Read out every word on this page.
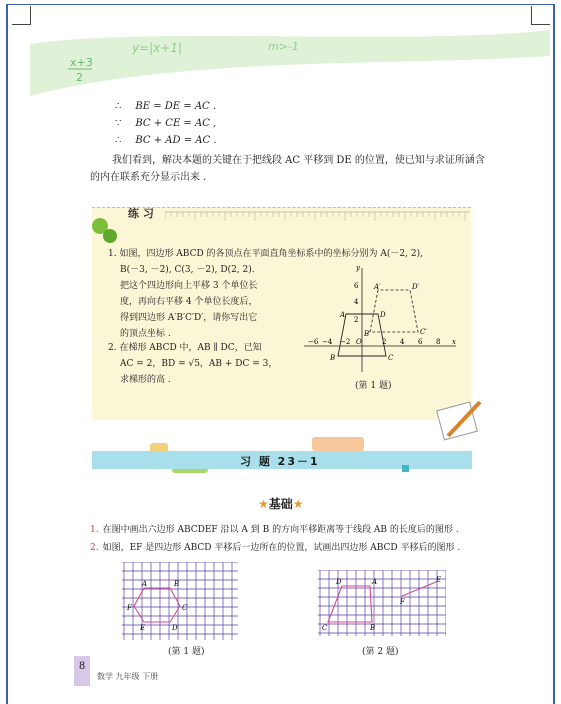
x+3
2
y=|x+1|	m>-1
∴ BE = DE = AC .
∵ BC + CE = AC ,
∴ BC + AD = AC .
我们看到，解决本题的关键在于把线段 AC 平移到 DE 的位置，使已知与求证所涵含的内在联系充分显示出来 .
练 习
1. 如图，四边形 ABCD 的各顶点在平面直角坐标系中的坐标分别为 A(－2, 2),
B(－3, －2), C(3, －2), D(2, 2).
把这个四边形向上平移 3 个单位长
度，再向右平移 4 个单位长度后，
得到四边形 A′B′C′D′，请你写出它
的顶点坐标 .
2. 在梯形 ABCD 中，AB ∥ DC，已知
AC = 2，BD = √5，AB + DC = 3，
求梯形的高 .
y
x
6
4
2
−6 −4 −2 O	2 4 6 8
A
B	C
D
A′
B′	C′
D′
(第 1 题)
习 题 23－1
★基础★
1. 在图中画出六边形 ABCDEF 沿以 A 到 B 的方向平移距离等于线段 AB 的长度后的图形 .
2. 如图，EF 是四边形 ABCD 平移后一边所在的位置，试画出四边形 ABCD 平移后的图形 .
A	B
C
D
E
F
(第 1 题)
D	A
C	B
F
E
(第 2 题)
8
数学 九年级 下册
